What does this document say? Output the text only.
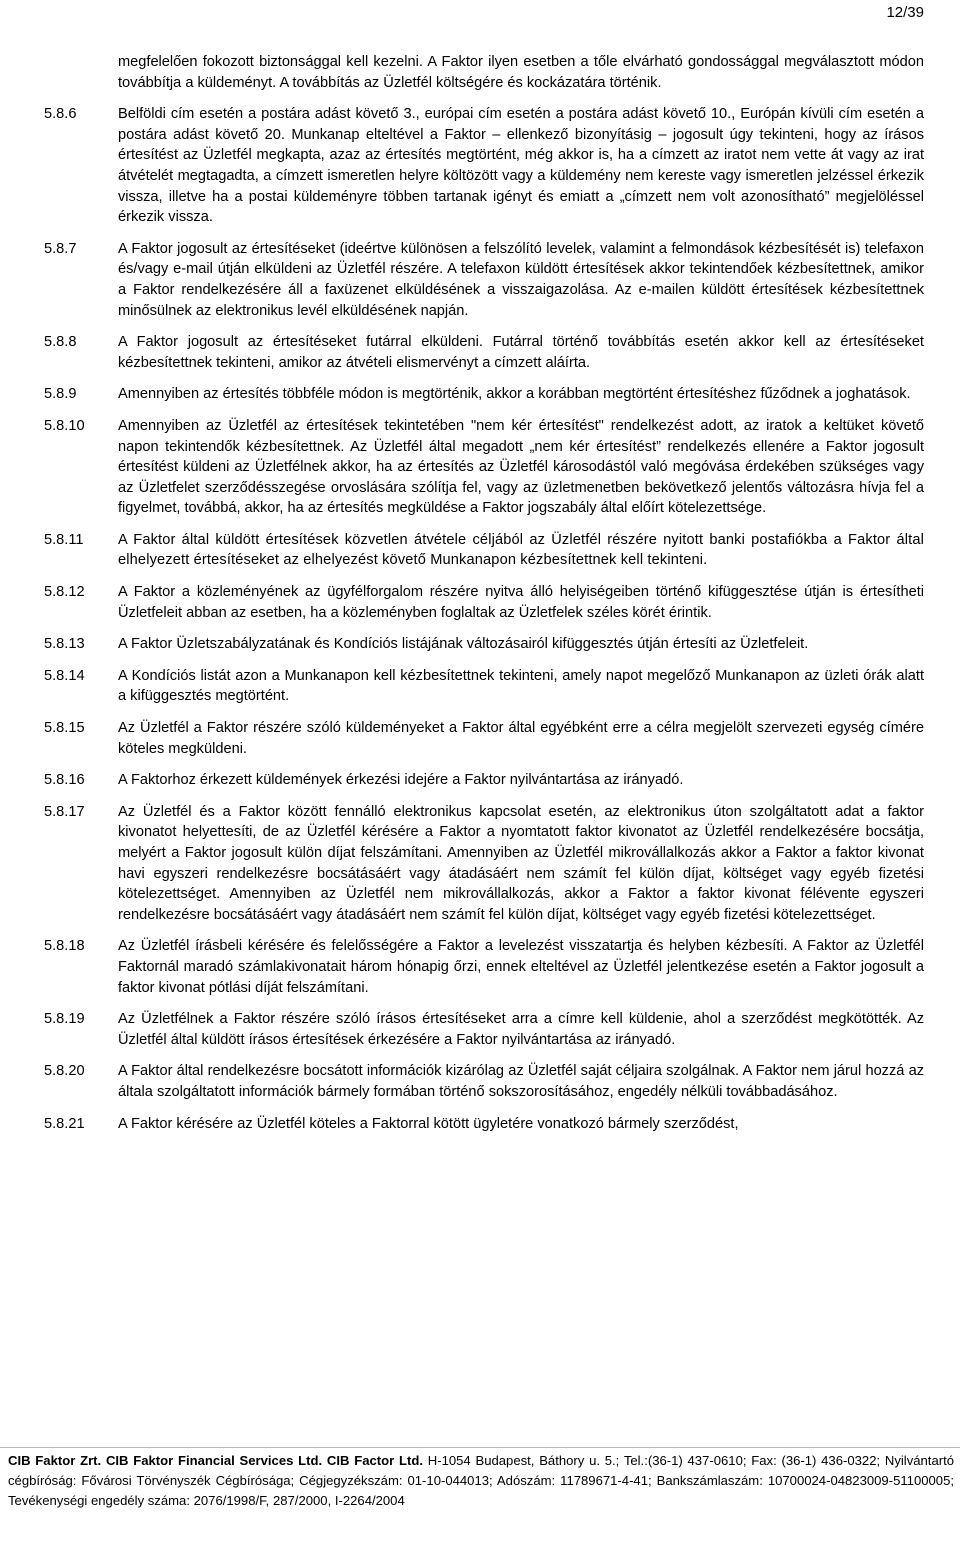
12/39
megfelelően fokozott biztonsággal kell kezelni. A Faktor ilyen esetben a tőle elvárható gondossággal megválasztott módon továbbítja a küldeményt. A továbbítás az Üzletfél költségére és kockázatára történik.
5.8.6	Belföldi cím esetén a postára adást követő 3., európai cím esetén a postára adást követő 10., Európán kívüli cím esetén a postára adást követő 20. Munkanap elteltével a Faktor – ellenkező bizonyításig – jogosult úgy tekinteni, hogy az írásos értesítést az Üzletfél megkapta, azaz az értesítés megtörtént, még akkor is, ha a címzett az iratot nem vette át vagy az irat átvételét megtagadta, a címzett ismeretlen helyre költözött vagy a küldemény nem kereste vagy ismeretlen jelzéssel érkezik vissza, illetve ha a postai küldeményre többen tartanak igényt és emiatt a „címzett nem volt azonosítható” megjelöléssel érkezik vissza.
5.8.7	A Faktor jogosult az értesítéseket (ideértve különösen a felszólító levelek, valamint a felmondások kézbesítését is) telefaxon és/vagy e-mail útján elküldeni az Üzletfél részére. A telefaxon küldött értesítések akkor tekintendőek kézbesítettnek, amikor a Faktor rendelkezésére áll a faxüzenet elküldésének a visszaigazolása. Az e-mailen küldött értesítések kézbesítettnek minősülnek az elektronikus levél elküldésének napján.
5.8.8	A Faktor jogosult az értesítéseket futárral elküldeni. Futárral történő továbbítás esetén akkor kell az értesítéseket kézbesítettnek tekinteni, amikor az átvételi elismervényt a címzett aláírta.
5.8.9	Amennyiben az értesítés többféle módon is megtörténik, akkor a korábban megtörtént értesítéshez fűződnek a joghatások.
5.8.10	Amennyiben az Üzletfél az értesítések tekintetében "nem kér értesítést" rendelkezést adott, az iratok a keltüket követő napon tekintendők kézbesítettnek. Az Üzletfél által megadott „nem kér értesítést” rendelkezés ellenére a Faktor jogosult értesítést küldeni az Üzletfélnek akkor, ha az értesítés az Üzletfél károsodástól való megóvása érdekében szükséges vagy az Üzletfelet szerződésszegése orvoslására szólítja fel, vagy az üzletmenetben bekövetkező jelentős változásra hívja fel a figyelmet, továbbá, akkor, ha az értesítés megküldése a Faktor jogszabály által előírt kötelezettsége.
5.8.11	A Faktor által küldött értesítések közvetlen átvétele céljából az Üzletfél részére nyitott banki postafiókba a Faktor által elhelyezett értesítéseket az elhelyezést követő Munkanapon kézbesítettnek kell tekinteni.
5.8.12	A Faktor a közleményének az ügyfélforgalom részére nyitva álló helyiségeiben történő kifüggesztése útján is értesítheti Üzletfeleit abban az esetben, ha a közleményben foglaltak az Üzletfelek széles körét érintik.
5.8.13	A Faktor Üzletszabályzatának és Kondíciós listájának változásairól kifüggesztés útján értesíti az Üzletfeleit.
5.8.14	A Kondíciós listát azon a Munkanapon kell kézbesítettnek tekinteni, amely napot megelőző Munkanapon az üzleti órák alatt a kifüggesztés megtörtént.
5.8.15	Az Üzletfél a Faktor részére szóló küldeményeket a Faktor által egyébként erre a célra megjelölt szervezeti egység címére köteles megküldeni.
5.8.16	A Faktorhoz érkezett küldemények érkezési idejére a Faktor nyilvántartása az irányadó.
5.8.17	Az Üzletfél és a Faktor között fennálló elektronikus kapcsolat esetén, az elektronikus úton szolgáltatott adat a faktor kivonatot helyettesíti, de az Üzletfél kérésére a Faktor a nyomtatott faktor kivonatot az Üzletfél rendelkezésére bocsátja, melyért a Faktor jogosult külön díjat felszámítani. Amennyiben az Üzletfél mikrovállalkozás akkor a Faktor a faktor kivonat havi egyszeri rendelkezésre bocsátásáért vagy átadásáért nem számít fel külön díjat, költséget vagy egyéb fizetési kötelezettséget. Amennyiben az Üzletfél nem mikrovállalkozás, akkor a Faktor a faktor kivonat félévente egyszeri rendelkezésre bocsátásáért vagy átadásáért nem számít fel külön díjat, költséget vagy egyéb fizetési kötelezettséget.
5.8.18	Az Üzletfél írásbeli kérésére és felelősségére a Faktor a levelezést visszatartja és helyben kézbesíti. A Faktor az Üzletfél Faktornál maradó számlakivonatait három hónapig őrzi, ennek elteltével az Üzletfél jelentkezése esetén a Faktor jogosult a faktor kivonat pótlási díját felszámítani.
5.8.19	Az Üzletfélnek a Faktor részére szóló írásos értesítéseket arra a címre kell küldenie, ahol a szerződést megkötötték. Az Üzletfél által küldött írásos értesítések érkezésére a Faktor nyilvántartása az irányadó.
5.8.20	A Faktor által rendelkezésre bocsátott információk kizárólag az Üzletfél saját céljaira szolgálnak. A Faktor nem járul hozzá az általa szolgáltatott információk bármely formában történő sokszorosításához, engedély nélküli továbbadásához.
5.8.21	A Faktor kérésére az Üzletfél köteles a Faktorral kötött ügyletére vonatkozó bármely szerződést,
CIB Faktor Zrt. CIB Faktor Financial Services Ltd. CIB Factor Ltd. H-1054 Budapest, Báthory u. 5.; Tel.:(36-1) 437-0610; Fax: (36-1) 436-0322; Nyilvántartó cégbíróság: Fővárosi Törvényszék Cégbírósága; Cégjegyzékszám: 01-10-044013; Adószám: 11789671-4-41; Bankszámlaszám: 10700024-04823009-51100005; Tevékenységi engedély száma: 2076/1998/F, 287/2000, I-2264/2004
